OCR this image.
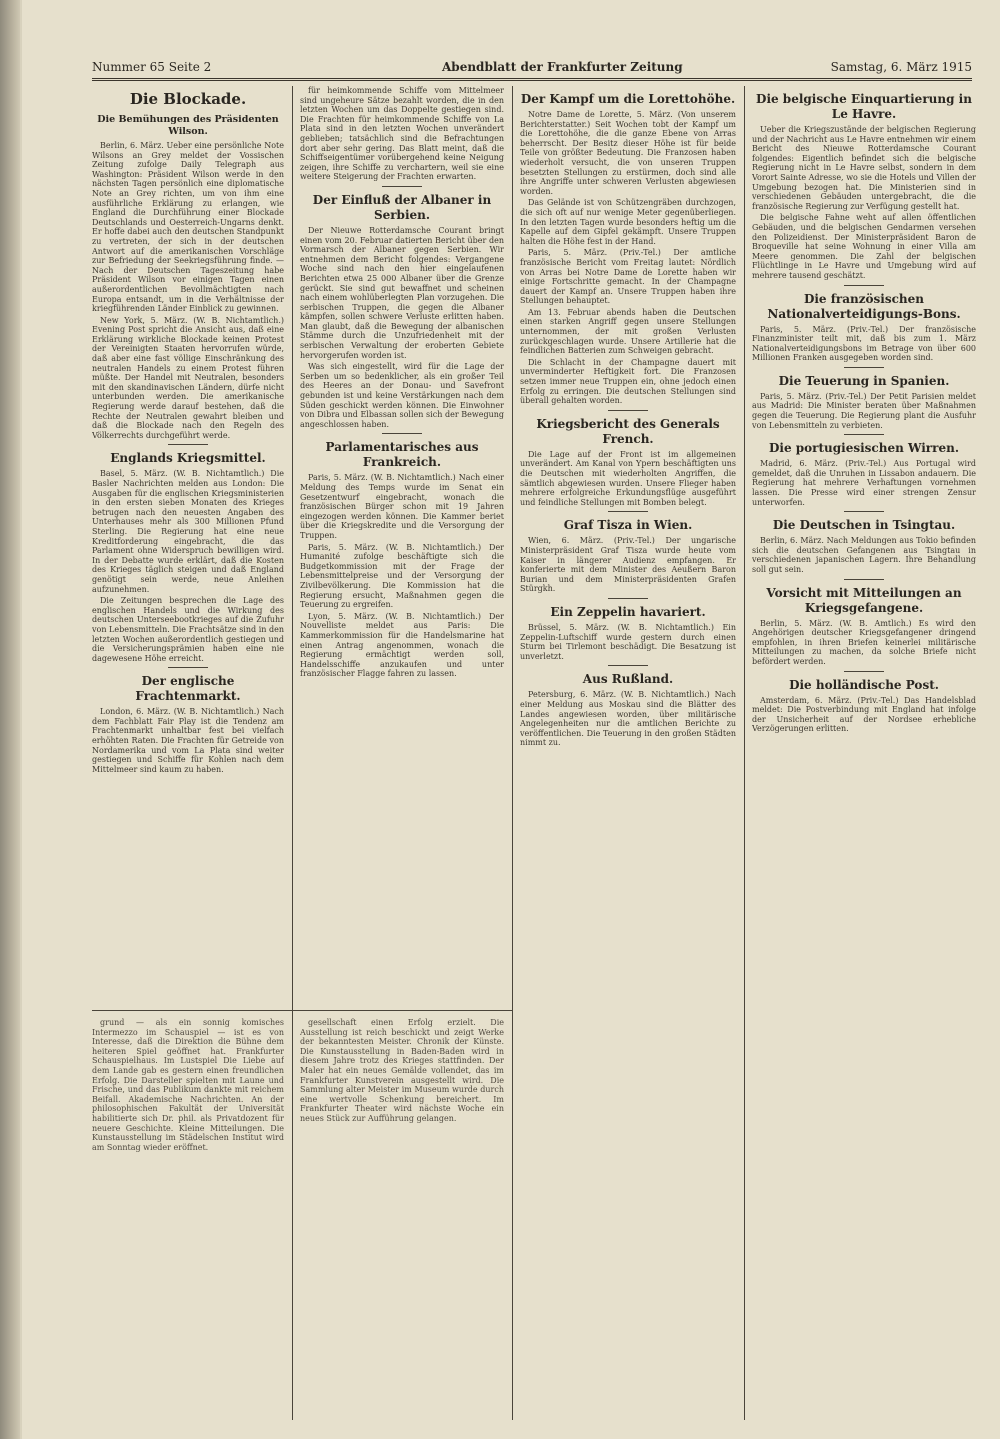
Nummer 65 Seite 2	Abendblatt der Frankfurter Zeitung	Samstag, 6. März 1915
Die Blockade.
Die Bemühungen des Präsidenten Wilson.

Berlin, 6. März. Ueber eine persönliche Note Wilsons an Grey meldet der Vossischen Zeitung zufolge Daily Telegraph aus Washington: Präsident Wilson werde in den nächsten Tagen persönlich eine diplomatische Note an Grey richten, um von ihm eine ausführliche Erklärung zu erlangen, wie England die Durchführung einer Blockade Deutschlands und Oesterreich-Ungarns denkt. Er hoffe dabei auch den deutschen Standpunkt zu vertreten, der sich in der deutschen Antwort auf die amerikanischen Vorschläge zur Befriedung der Seekriegsführung finde. — Nach der Deutschen Tageszeitung habe Präsident Wilson vor einigen Tagen einen außerordentlichen Bevollmächtigten nach Europa entsandt, um in die Verhältnisse der kriegführenden Länder Einblick zu gewinnen.

New York, 5. März. (W. B. Nichtamtlich.) Evening Post spricht die Ansicht aus, daß eine Erklärung wirkliche Blockade keinen Protest der Vereinigten Staaten hervorrufen würde, daß aber eine fast völlige Einschränkung des neutralen Handels zu einem Protest führen müßte. Der Handel mit Neutralen, besonders mit den skandinavischen Ländern, dürfe nicht unterbunden werden. Die amerikanische Regierung werde darauf bestehen, daß die Rechte der Neutralen gewahrt bleiben und daß die Blockade nach den Regeln des Völkerrechts durchgeführt werde.

Englands Kriegsmittel.

Basel, 5. März. (W. B. Nichtamtlich.) Die Basler Nachrichten melden aus London: Die Ausgaben für die englischen Kriegsministerien in den ersten sieben Monaten des Krieges betrugen nach den neuesten Angaben des Unterhauses mehr als 300 Millionen Pfund Sterling. Die Regierung hat eine neue Kreditforderung eingebracht, die das Parlament ohne Widerspruch bewilligen wird. In der Debatte wurde erklärt, daß die Kosten des Krieges täglich steigen und daß England genötigt sein werde, neue Anleihen aufzunehmen.

Die Zeitungen besprechen die Lage des englischen Handels und die Wirkung des deutschen Unterseebootkrieges auf die Zufuhr von Lebensmitteln. Die Frachtsätze sind in den letzten Wochen außerordentlich gestiegen und die Versicherungsprämien haben eine nie dagewesene Höhe erreicht.

Der englische Frachtenmarkt.

London, 6. März. (W. B. Nichtamtlich.) Nach dem Fachblatt Fair Play ist die Tendenz am Frachtenmarkt unhaltbar fest bei vielfach erhöhten Raten. Die Frachten für Getreide von Nordamerika und vom La Plata sind weiter gestiegen und Schiffe für Kohlen nach dem Mittelmeer sind kaum zu haben.

für heimkommende Schiffe vom Mittelmeer sind ungeheure Sätze bezahlt worden, die in den letzten Wochen um das Doppelte gestiegen sind. Die Frachten für heimkommende Schiffe von La Plata sind in den letzten Wochen unverändert geblieben; tatsächlich sind die Befrachtungen dort aber sehr gering. Das Blatt meint, daß die Schiffseigentümer vorübergehend keine Neigung zeigen, ihre Schiffe zu verchartern, weil sie eine weitere Steigerung der Frachten erwarten.

Der Einfluß der Albaner in Serbien.

Der Nieuwe Rotterdamsche Courant bringt einen vom 20. Februar datierten Bericht über den Vormarsch der Albaner gegen Serbien. Wir entnehmen dem Bericht folgendes: Vergangene Woche sind nach den hier eingelaufenen Berichten etwa 25 000 Albaner über die Grenze gerückt. Sie sind gut bewaffnet und scheinen nach einem wohlüberlegten Plan vorzugehen. Die serbischen Truppen, die gegen die Albaner kämpfen, sollen schwere Verluste erlitten haben. Man glaubt, daß die Bewegung der albanischen Stämme durch die Unzufriedenheit mit der serbischen Verwaltung der eroberten Gebiete hervorgerufen worden ist.

Was sich eingestellt, wird für die Lage der Serben um so bedenklicher, als ein großer Teil des Heeres an der Donau- und Savefront gebunden ist und keine Verstärkungen nach dem Süden geschickt werden können. Die Einwohner von Dibra und Elbassan sollen sich der Bewegung angeschlossen haben.

Parlamentarisches aus Frankreich.

Paris, 5. März. (W. B. Nichtamtlich.) Nach einer Meldung des Temps wurde im Senat ein Gesetzentwurf eingebracht, wonach die französischen Bürger schon mit 19 Jahren eingezogen werden können. Die Kammer beriet über die Kriegskredite und die Versorgung der Truppen.

Paris, 5. März. (W. B. Nichtamtlich.) Der Humanité zufolge beschäftigte sich die Budgetkommission mit der Frage der Lebensmittelpreise und der Versorgung der Zivilbevölkerung. Die Kommission hat die Regierung ersucht, Maßnahmen gegen die Teuerung zu ergreifen.

Lyon, 5. März. (W. B. Nichtamtlich.) Der Nouvelliste meldet aus Paris: Die Kammerkommission für die Handelsmarine hat einen Antrag angenommen, wonach die Regierung ermächtigt werden soll, Handelsschiffe anzukaufen und unter französischer Flagge fahren zu lassen.

grund — als ein sonnig komisches Intermezzo im Schauspiel — ist es von Interesse, daß die Direktion die Bühne dem heiteren Spiel geöffnet hat. Frankfurter Schauspielhaus. Im Lustspiel Die Liebe auf dem Lande gab es gestern einen freundlichen Erfolg. Die Darsteller spielten mit Laune und Frische, und das Publikum dankte mit reichem Beifall. Akademische Nachrichten. An der philosophischen Fakultät der Universität habilitierte sich Dr. phil. als Privatdozent für neuere Geschichte. Kleine Mitteilungen. Die Kunstausstellung im Städelschen Institut wird am Sonntag wieder eröffnet.

gesellschaft einen Erfolg erzielt. Die Ausstellung ist reich beschickt und zeigt Werke der bekanntesten Meister. Chronik der Künste. Die Kunstausstellung in Baden-Baden wird in diesem Jahre trotz des Krieges stattfinden. Der Maler hat ein neues Gemälde vollendet, das im Frankfurter Kunstverein ausgestellt wird. Die Sammlung alter Meister im Museum wurde durch eine wertvolle Schenkung bereichert. Im Frankfurter Theater wird nächste Woche ein neues Stück zur Aufführung gelangen.

Der Kampf um die Lorettohöhe.

Notre Dame de Lorette, 5. März. (Von unserem Berichterstatter.) Seit Wochen tobt der Kampf um die Lorettohöhe, die die ganze Ebene von Arras beherrscht. Der Besitz dieser Höhe ist für beide Teile von größter Bedeutung. Die Franzosen haben wiederholt versucht, die von unseren Truppen besetzten Stellungen zu erstürmen, doch sind alle ihre Angriffe unter schweren Verlusten abgewiesen worden.

Das Gelände ist von Schützengräben durchzogen, die sich oft auf nur wenige Meter gegenüberliegen. In den letzten Tagen wurde besonders heftig um die Kapelle auf dem Gipfel gekämpft. Unsere Truppen halten die Höhe fest in der Hand.

Paris, 5. März. (Priv.-Tel.) Der amtliche französische Bericht vom Freitag lautet: Nördlich von Arras bei Notre Dame de Lorette haben wir einige Fortschritte gemacht. In der Champagne dauert der Kampf an. Unsere Truppen haben ihre Stellungen behauptet.

Am 13. Februar abends haben die Deutschen einen starken Angriff gegen unsere Stellungen unternommen, der mit großen Verlusten zurückgeschlagen wurde. Unsere Artillerie hat die feindlichen Batterien zum Schweigen gebracht.

Die Schlacht in der Champagne dauert mit unverminderter Heftigkeit fort. Die Franzosen setzen immer neue Truppen ein, ohne jedoch einen Erfolg zu erringen. Die deutschen Stellungen sind überall gehalten worden.

Kriegsbericht des Generals French.

Die Lage auf der Front ist im allgemeinen unverändert. Am Kanal von Ypern beschäftigten uns die Deutschen mit wiederholten Angriffen, die sämtlich abgewiesen wurden. Unsere Flieger haben mehrere erfolgreiche Erkundungsflüge ausgeführt und feindliche Stellungen mit Bomben belegt.

Graf Tisza in Wien.

Wien, 6. März. (Priv.-Tel.) Der ungarische Ministerpräsident Graf Tisza wurde heute vom Kaiser in längerer Audienz empfangen. Er konferierte mit dem Minister des Aeußern Baron Burian und dem Ministerpräsidenten Grafen Stürgkh.

Ein Zeppelin havariert.

Brüssel, 5. März. (W. B. Nichtamtlich.) Ein Zeppelin-Luftschiff wurde gestern durch einen Sturm bei Tirlemont beschädigt. Die Besatzung ist unverletzt.

Aus Rußland.

Petersburg, 6. März. (W. B. Nichtamtlich.) Nach einer Meldung aus Moskau sind die Blätter des Landes angewiesen worden, über militärische Angelegenheiten nur die amtlichen Berichte zu veröffentlichen. Die Teuerung in den großen Städten nimmt zu.

Die belgische Einquartierung in Le Havre.

Ueber die Kriegszustände der belgischen Regierung und der Nachricht aus Le Havre entnehmen wir einem Bericht des Nieuwe Rotterdamsche Courant folgendes: Eigentlich befindet sich die belgische Regierung nicht in Le Havre selbst, sondern in dem Vorort Sainte Adresse, wo sie die Hotels und Villen der Umgebung bezogen hat. Die Ministerien sind in verschiedenen Gebäuden untergebracht, die die französische Regierung zur Verfügung gestellt hat.

Die belgische Fahne weht auf allen öffentlichen Gebäuden, und die belgischen Gendarmen versehen den Polizeidienst. Der Ministerpräsident Baron de Broqueville hat seine Wohnung in einer Villa am Meere genommen. Die Zahl der belgischen Flüchtlinge in Le Havre und Umgebung wird auf mehrere tausend geschätzt.

Die französischen Nationalverteidigungs-Bons.

Paris, 5. März. (Priv.-Tel.) Der französische Finanzminister teilt mit, daß bis zum 1. März Nationalverteidigungsbons im Betrage von über 600 Millionen Franken ausgegeben worden sind.

Die Teuerung in Spanien.

Paris, 5. März. (Priv.-Tel.) Der Petit Parisien meldet aus Madrid: Die Minister beraten über Maßnahmen gegen die Teuerung. Die Regierung plant die Ausfuhr von Lebensmitteln zu verbieten.

Die portugiesischen Wirren.

Madrid, 6. März. (Priv.-Tel.) Aus Portugal wird gemeldet, daß die Unruhen in Lissabon andauern. Die Regierung hat mehrere Verhaftungen vornehmen lassen. Die Presse wird einer strengen Zensur unterworfen.

Die Deutschen in Tsingtau.

Berlin, 6. März. Nach Meldungen aus Tokio befinden sich die deutschen Gefangenen aus Tsingtau in verschiedenen japanischen Lagern. Ihre Behandlung soll gut sein.

Vorsicht mit Mitteilungen an Kriegsgefangene.

Berlin, 5. März. (W. B. Amtlich.) Es wird den Angehörigen deutscher Kriegsgefangener dringend empfohlen, in ihren Briefen keinerlei militärische Mitteilungen zu machen, da solche Briefe nicht befördert werden.

Die holländische Post.

Amsterdam, 6. März. (Priv.-Tel.) Das Handelsblad meldet: Die Postverbindung mit England hat infolge der Unsicherheit auf der Nordsee erhebliche Verzögerungen erlitten.
